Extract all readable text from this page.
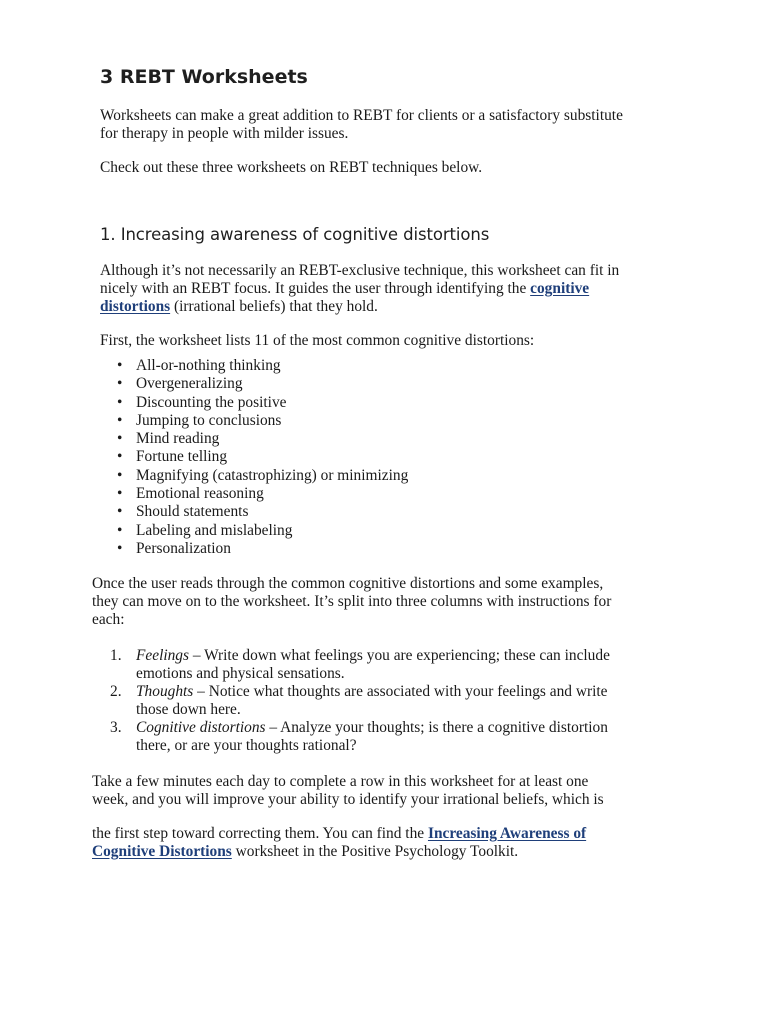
3 REBT Worksheets

Worksheets can make a great addition to REBT for clients or a satisfactory substitute
for therapy in people with milder issues.

Check out these three worksheets on REBT techniques below.

1. Increasing awareness of cognitive distortions

Although it’s not necessarily an REBT-exclusive technique, this worksheet can fit in
nicely with an REBT focus. It guides the user through identifying the cognitive
distortions (irrational beliefs) that they hold.

First, the worksheet lists 11 of the most common cognitive distortions:

• All-or-nothing thinking
• Overgeneralizing
• Discounting the positive
• Jumping to conclusions
• Mind reading
• Fortune telling
• Magnifying (catastrophizing) or minimizing
• Emotional reasoning
• Should statements
• Labeling and mislabeling
• Personalization

Once the user reads through the common cognitive distortions and some examples,
they can move on to the worksheet. It’s split into three columns with instructions for
each:

1. Feelings – Write down what feelings you are experiencing; these can include
emotions and physical sensations.
2. Thoughts – Notice what thoughts are associated with your feelings and write
those down here.
3. Cognitive distortions – Analyze your thoughts; is there a cognitive distortion
there, or are your thoughts rational?

Take a few minutes each day to complete a row in this worksheet for at least one
week, and you will improve your ability to identify your irrational beliefs, which is

the first step toward correcting them. You can find the Increasing Awareness of
Cognitive Distortions worksheet in the Positive Psychology Toolkit.
